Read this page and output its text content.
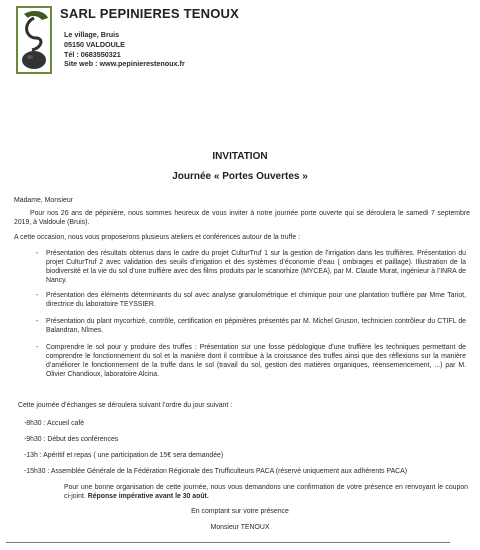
SARL PEPINIERES TENOUX
Le village, Bruis
05150 VALDOULE
Tél : 0683550321
Site web : www.pepinierestenoux.fr
INVITATION
Journée « Portes Ouvertes »
Madame, Monsieur
Pour nos 26 ans de pépinière, nous sommes heureux de vous inviter à notre journée porte ouverte qui se déroulera le samedi 7 septembre 2019, à Valdoule (Bruis).
A cette occasion, nous vous proposerons plusieurs ateliers et conférences autour de la truffe :
- Présentation des résultats obtenus dans le cadre du projet CulturTruf 1 sur la gestion de l’irrigation dans les truffières. Présentation du projet CulturTruf 2 avec validation des seuils d’irrigation et des systèmes d’économie d’eau ( ombrages et paillage). Illustration de la biodiversité et la vie du sol d’une truffière avec des films produits par le scanorhize (MYCEA), par M. Claude Murat, ingénieur à l’INRA de Nancy.
- Présentation des éléments déterminants du sol avec analyse granulométrique et chimique pour une plantation truffière par Mme Tariot, directrice du laboratoire TEYSSIER.
- Présentation du plant mycorhizé, contrôle, certification en pépinières présentés par M. Michel Gruson, technicien contrôleur du CTIFL de Balandran, Nîmes.
- Comprendre le sol pour y produire des truffes : Présentation sur une fosse pédologique d’une truffière les techniques permettant de comprendre le fonctionnement du sol et la manière dont il contribue à la croissance des truffes ainsi que des réflexions sur la manière d’améliorer le fonctionnement de la truffe dans le sol (travail du sol, gestion des matières organiques, réensemencement, ...) par M. Olivier Chandioux, laboratoire Alcina.
Cette journée d’échanges se déroulera suivant l’ordre du jour suivant :
-8h30 : Accueil café
-9h30 : Début des conférences
-13h : Apéritif et repas ( une participation de 15€ sera demandée)
-15h30 : Assemblée Générale de la Fédération Régionale des Trufficulteurs PACA (réservé uniquement aux adhérents PACA)
Pour une bonne organisation de cette journée, nous vous demandons une confirmation de votre présence en renvoyant le coupon ci-joint. Réponse impérative avant le 30 août.
En comptant sur votre présence
Monsieur TENOUX
